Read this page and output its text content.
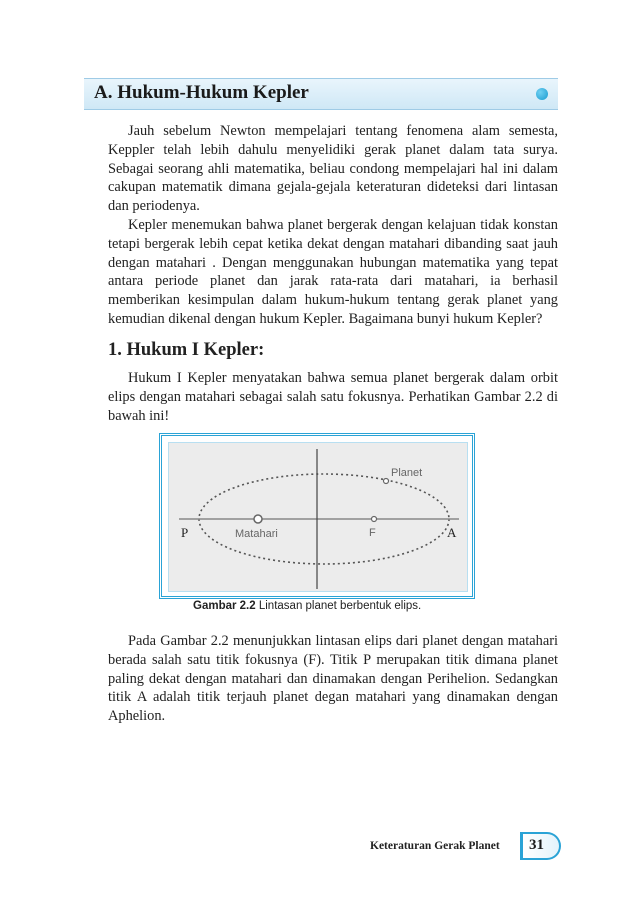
A. Hukum-Hukum Kepler

Jauh sebelum Newton mempelajari tentang fenomena alam semesta, Keppler telah lebih dahulu menyelidiki gerak planet dalam tata surya. Sebagai seorang ahli matematika, beliau condong mempelajari hal ini dalam cakupan matematik dimana gejala-gejala keteraturan dideteksi dari lintasan dan periodenya.

Kepler menemukan bahwa planet bergerak dengan kelajuan tidak konstan tetapi bergerak lebih cepat ketika dekat dengan matahari dibanding saat jauh dengan matahari . Dengan menggunakan hubungan matematika yang tepat antara periode planet dan jarak rata-rata dari matahari, ia berhasil memberikan kesimpulan dalam hukum-hukum tentang gerak planet yang kemudian dikenal dengan hukum Kepler. Bagaimana bunyi hukum Kepler?

1. Hukum I Kepler:

Hukum I Kepler menyatakan bahwa semua planet bergerak dalam orbit elips dengan matahari sebagai salah satu fokusnya. Perhatikan Gambar 2.2 di bawah ini!

P	A
Matahari	F
Planet
Gambar 2.2 Lintasan planet berbentuk elips.

Pada Gambar 2.2 menunjukkan lintasan elips dari planet dengan matahari berada salah satu titik fokusnya (F). Titik P merupakan titik dimana planet paling dekat dengan matahari dan dinamakan dengan Perihelion. Sedangkan titik A adalah titik terjauh planet degan matahari yang dinamakan dengan Aphelion.

Keteraturan Gerak Planet 31
